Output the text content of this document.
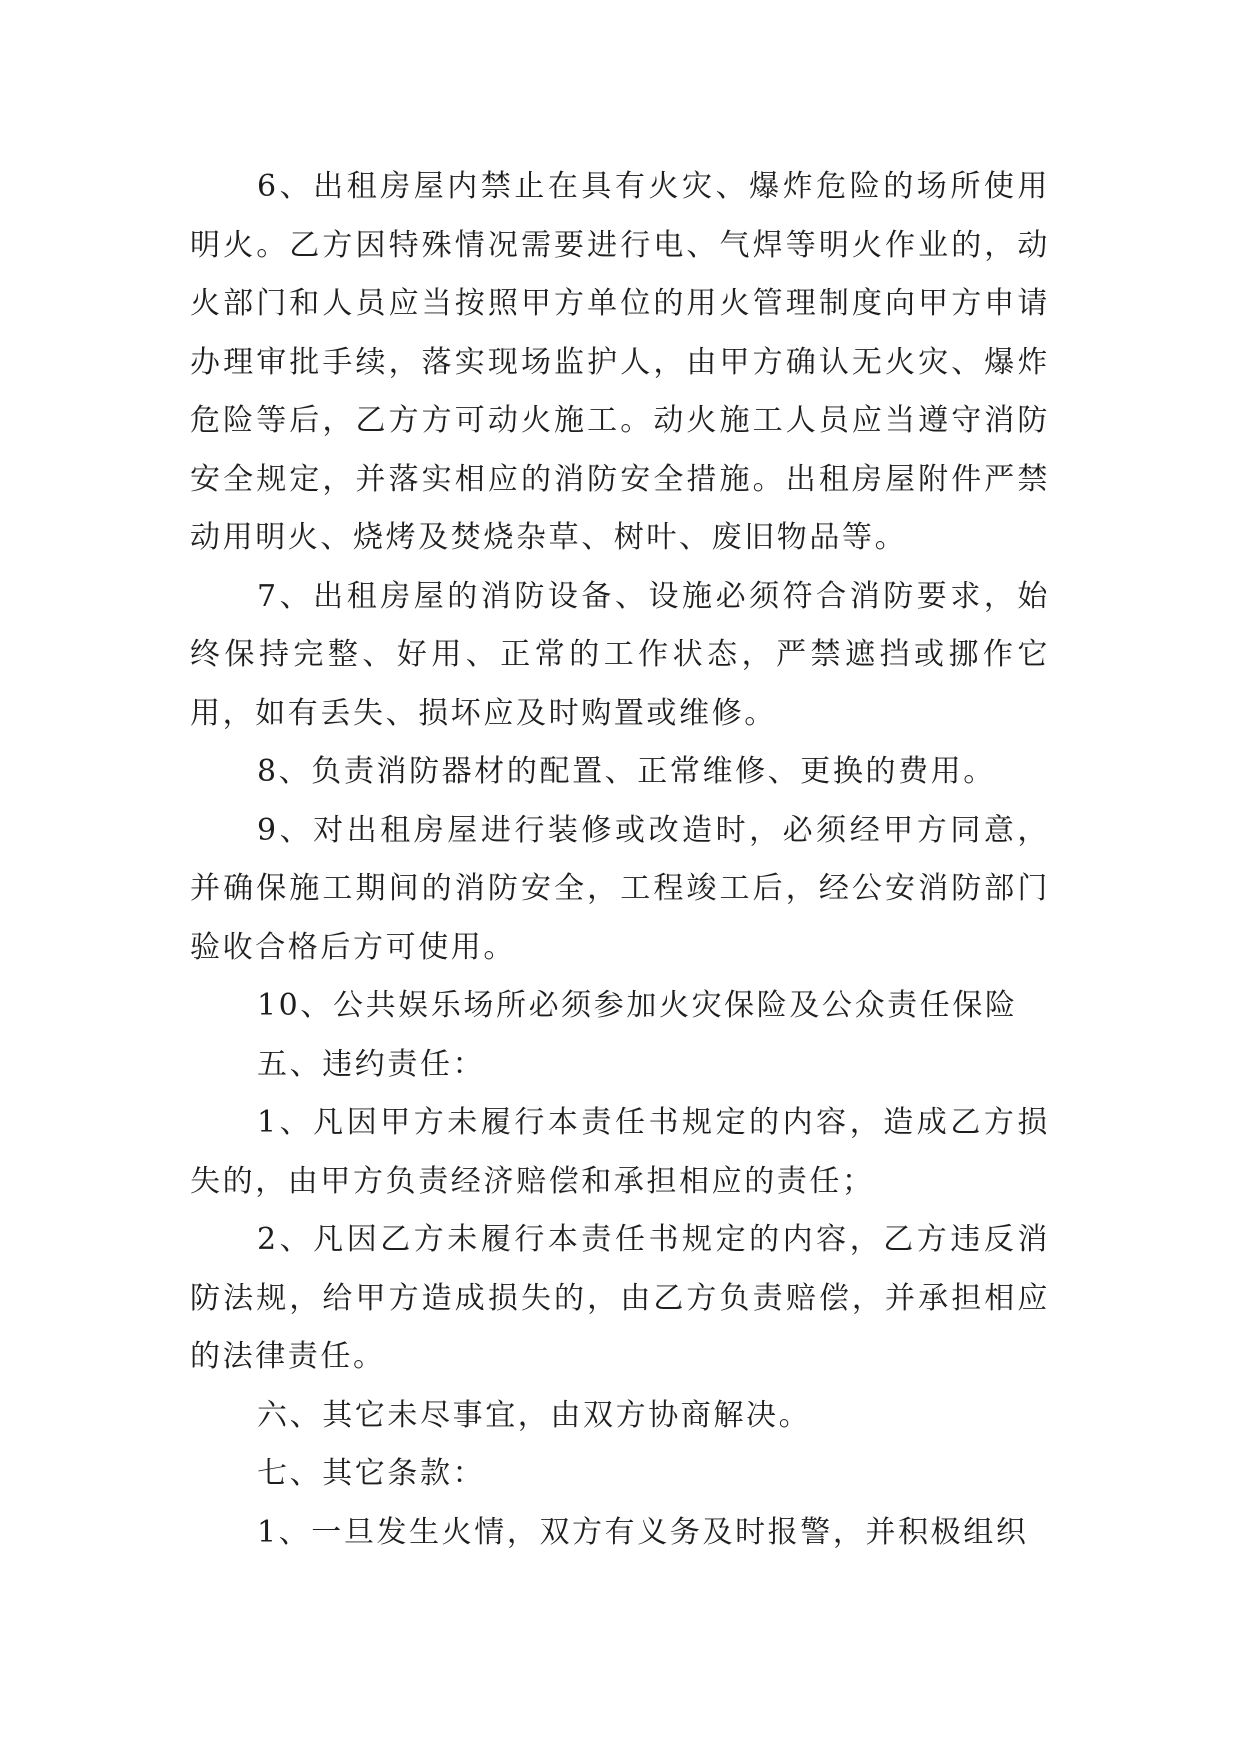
6、出租房屋内禁止在具有火灾、爆炸危险的场所使用明火。乙方因特殊情况需要进行电、气焊等明火作业的，动火部门和人员应当按照甲方单位的用火管理制度向甲方申请办理审批手续，落实现场监护人，由甲方确认无火灾、爆炸危险等后，乙方方可动火施工。动火施工人员应当遵守消防安全规定，并落实相应的消防安全措施。出租房屋附件严禁动用明火、烧烤及焚烧杂草、树叶、废旧物品等。

7、出租房屋的消防设备、设施必须符合消防要求，始终保持完整、好用、正常的工作状态，严禁遮挡或挪作它用，如有丢失、损坏应及时购置或维修。

8、负责消防器材的配置、正常维修、更换的费用。

9、对出租房屋进行装修或改造时，必须经甲方同意，并确保施工期间的消防安全，工程竣工后，经公安消防部门验收合格后方可使用。

10、公共娱乐场所必须参加火灾保险及公众责任保险

五、违约责任：

1、凡因甲方未履行本责任书规定的内容，造成乙方损失的，由甲方负责经济赔偿和承担相应的责任；

2、凡因乙方未履行本责任书规定的内容，乙方违反消防法规，给甲方造成损失的，由乙方负责赔偿，并承担相应的法律责任。

六、其它未尽事宜，由双方协商解决。

七、其它条款：

1、一旦发生火情，双方有义务及时报警，并积极组织
